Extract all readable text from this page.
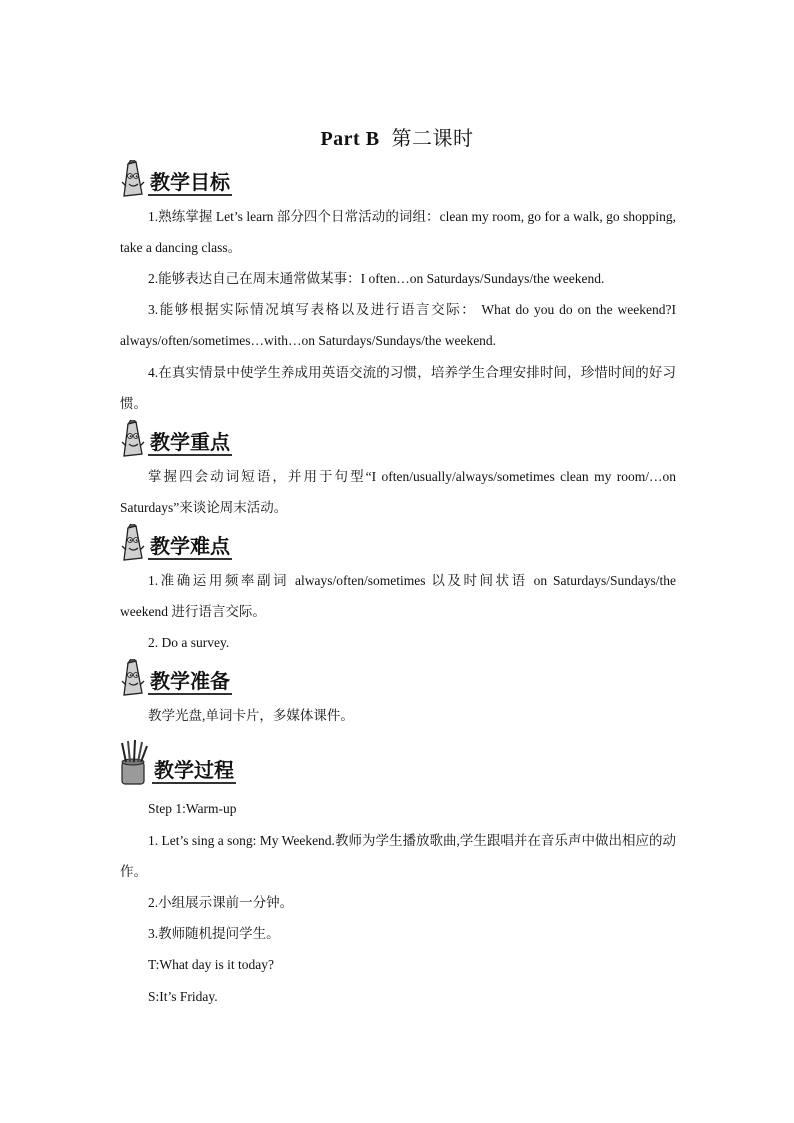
Part B 第二课时
教学目标

1.熟练掌握 Let’s learn 部分四个日常活动的词组：clean my room, go for a walk, go shopping, take a dancing class。

2.能够表达自己在周末通常做某事：I often…on Saturdays/Sundays/the weekend.

3.能够根据实际情况填写表格以及进行语言交际： What do you do on the weekend?I always/often/sometimes…with…on Saturdays/Sundays/the weekend.

4.在真实情景中使学生养成用英语交流的习惯，培养学生合理安排时间，珍惜时间的好习惯。

教学重点

掌握四会动词短语，并用于句型“I often/usually/always/sometimes clean my room/…on Saturdays”来谈论周末活动。

教学难点

1.准确运用频率副词 always/often/sometimes 以及时间状语 on Saturdays/Sundays/the weekend 进行语言交际。

2. Do a survey.

教学准备

教学光盘,单词卡片，多媒体课件。

教学过程

Step 1:Warm-up

1. Let’s sing a song: My Weekend.教师为学生播放歌曲,学生跟唱并在音乐声中做出相应的动作。

2.小组展示课前一分钟。

3.教师随机提问学生。

T:What day is it today?

S:It’s Friday.
